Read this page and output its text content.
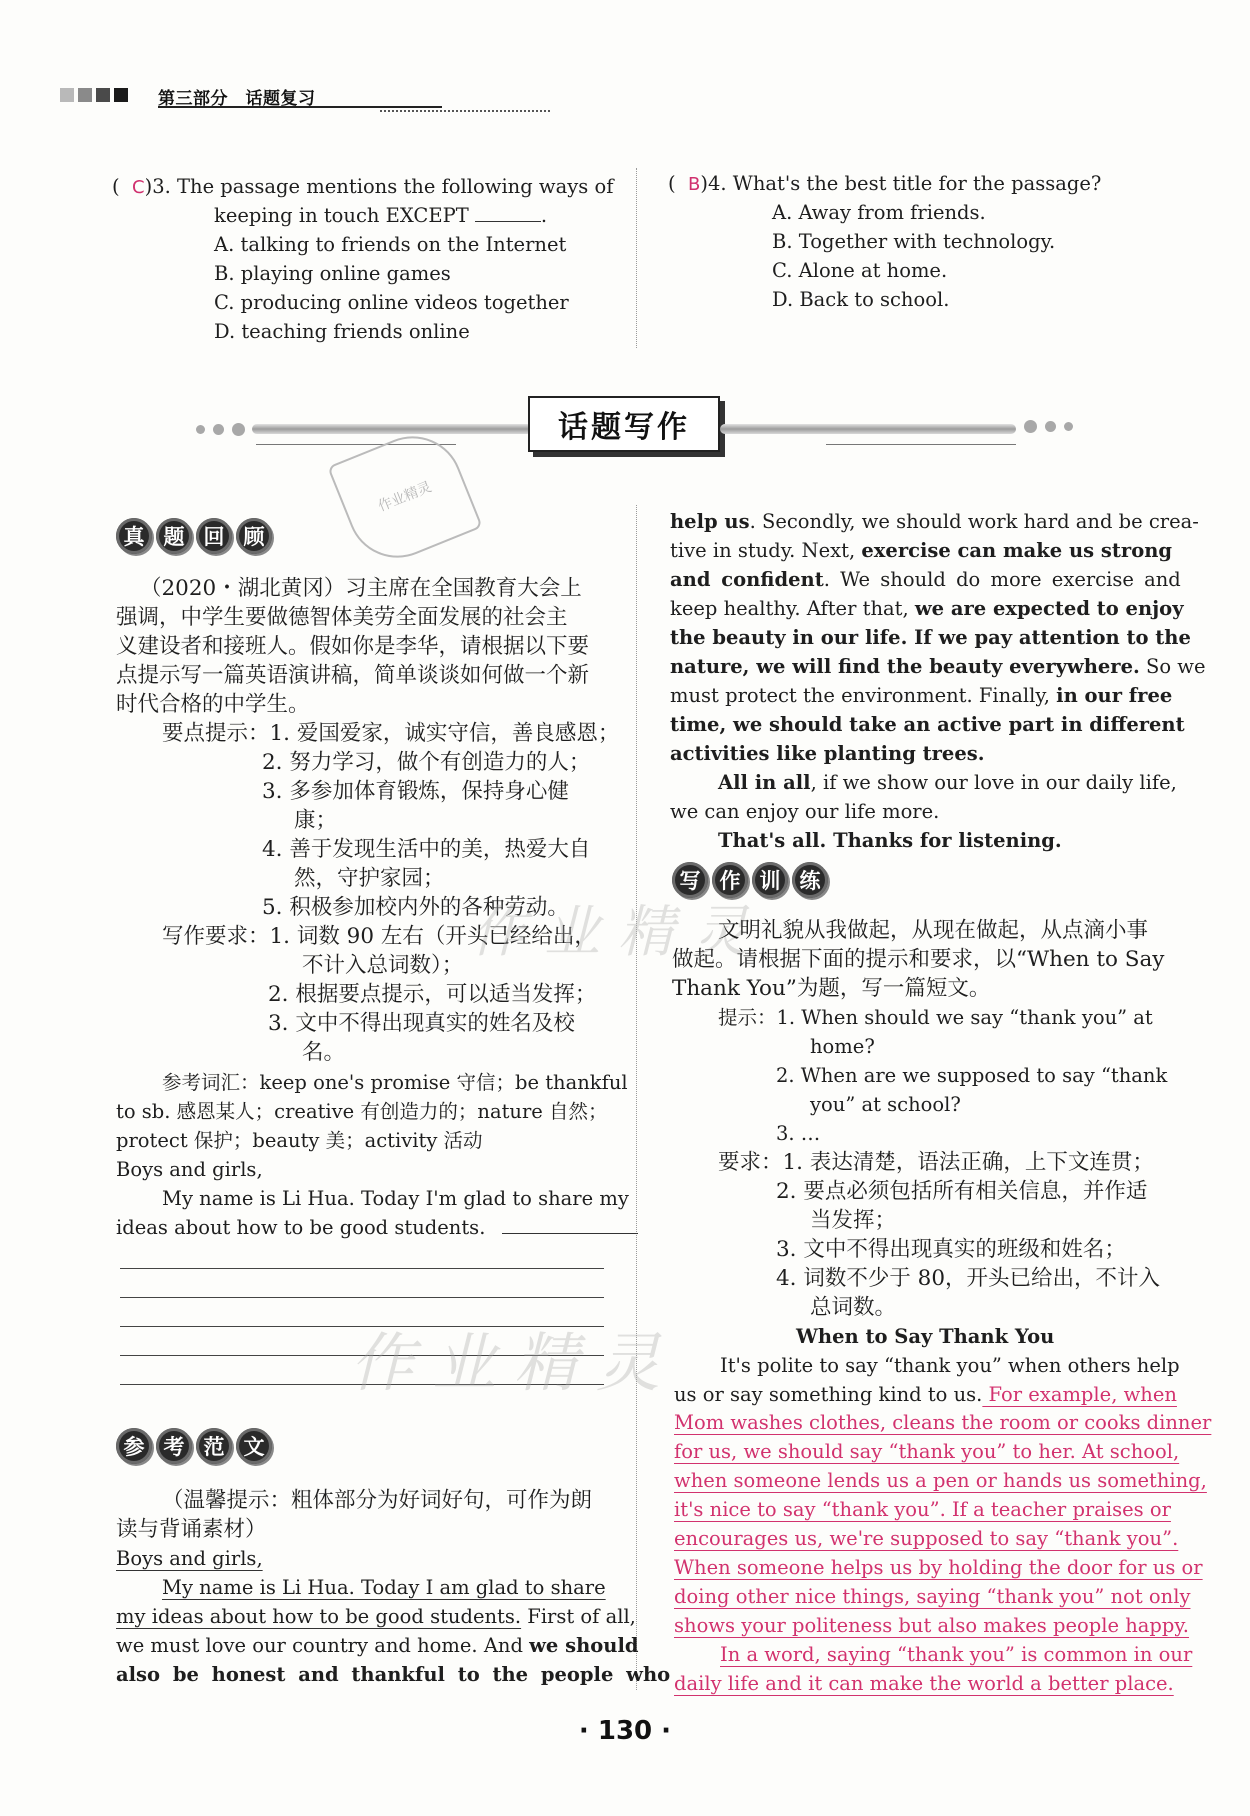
第三部分　话题复习
(  C)3. The passage mentions the following ways of
keeping in touch EXCEPT	.
A. talking to friends on the Internet
B. playing online games
C. producing online videos together
D. teaching friends online
(  B)4. What's the best title for the passage?
A. Away from friends.
B. Together with technology.
C. Alone at home.
D. Back to school.
话题写作
作业精灵
真 题 回 顾
（2020・湖北黄冈）习主席在全国教育大会上
强调，中学生要做德智体美劳全面发展的社会主
义建设者和接班人。假如你是李华，请根据以下要
点提示写一篇英语演讲稿，简单谈谈如何做一个新
时代合格的中学生。
要点提示：1. 爱国爱家，诚实守信，善良感恩；
2. 努力学习，做个有创造力的人；
3. 多参加体育锻炼，保持身心健
康；
4. 善于发现生活中的美，热爱大自
然，守护家园；
5. 积极参加校内外的各种劳动。
写作要求：1. 词数 90 左右（开头已经给出，
不计入总词数）；
2. 根据要点提示，可以适当发挥；
3. 文中不得出现真实的姓名及校
名。
参考词汇：keep one's promise 守信；be thankful
to sb. 感恩某人；creative 有创造力的；nature 自然；
protect 保护；beauty 美；activity 活动
Boys and girls,
My name is Li Hua. Today I'm glad to share my
ideas about how to be good students.
作业精灵
作业精灵
参 考 范 文
（温馨提示：粗体部分为好词好句，可作为朗
读与背诵素材）
Boys and girls,
My name is Li Hua. Today I am glad to share
my ideas about how to be good students. First of all,
we must love our country and home. And we should
also be honest and thankful to the people who
help us. Secondly, we should work hard and be crea-
tive in study. Next, exercise can make us strong
and confident. We should do more exercise and
keep healthy. After that, we are expected to enjoy
the beauty in our life. If we pay attention to the
nature, we will find the beauty everywhere. So we
must protect the environment. Finally, in our free
time, we should take an active part in different
activities like planting trees.
All in all, if we show our love in our daily life,
we can enjoy our life more.
That's all. Thanks for listening.
写 作 训 练
文明礼貌从我做起，从现在做起，从点滴小事
做起。请根据下面的提示和要求，以“When to Say
Thank You”为题，写一篇短文。
提示：1. When should we say “thank you” at
home?
2. When are we supposed to say “thank
you” at school?
3. …
要求：1. 表达清楚，语法正确，上下文连贯；
2. 要点必须包括所有相关信息，并作适
当发挥；
3. 文中不得出现真实的班级和姓名；
4. 词数不少于 80，开头已给出，不计入
总词数。
When to Say Thank You
It's polite to say “thank you” when others help
us or say something kind to us. For example, when
Mom washes clothes, cleans the room or cooks dinner
for us, we should say “thank you” to her. At school,
when someone lends us a pen or hands us something,
it's nice to say “thank you”. If a teacher praises or
encourages us, we're supposed to say “thank you”.
When someone helps us by holding the door for us or
doing other nice things, saying “thank you” not only
shows your politeness but also makes people happy.
In a word, saying “thank you” is common in our
daily life and it can make the world a better place.
· 130 ·
